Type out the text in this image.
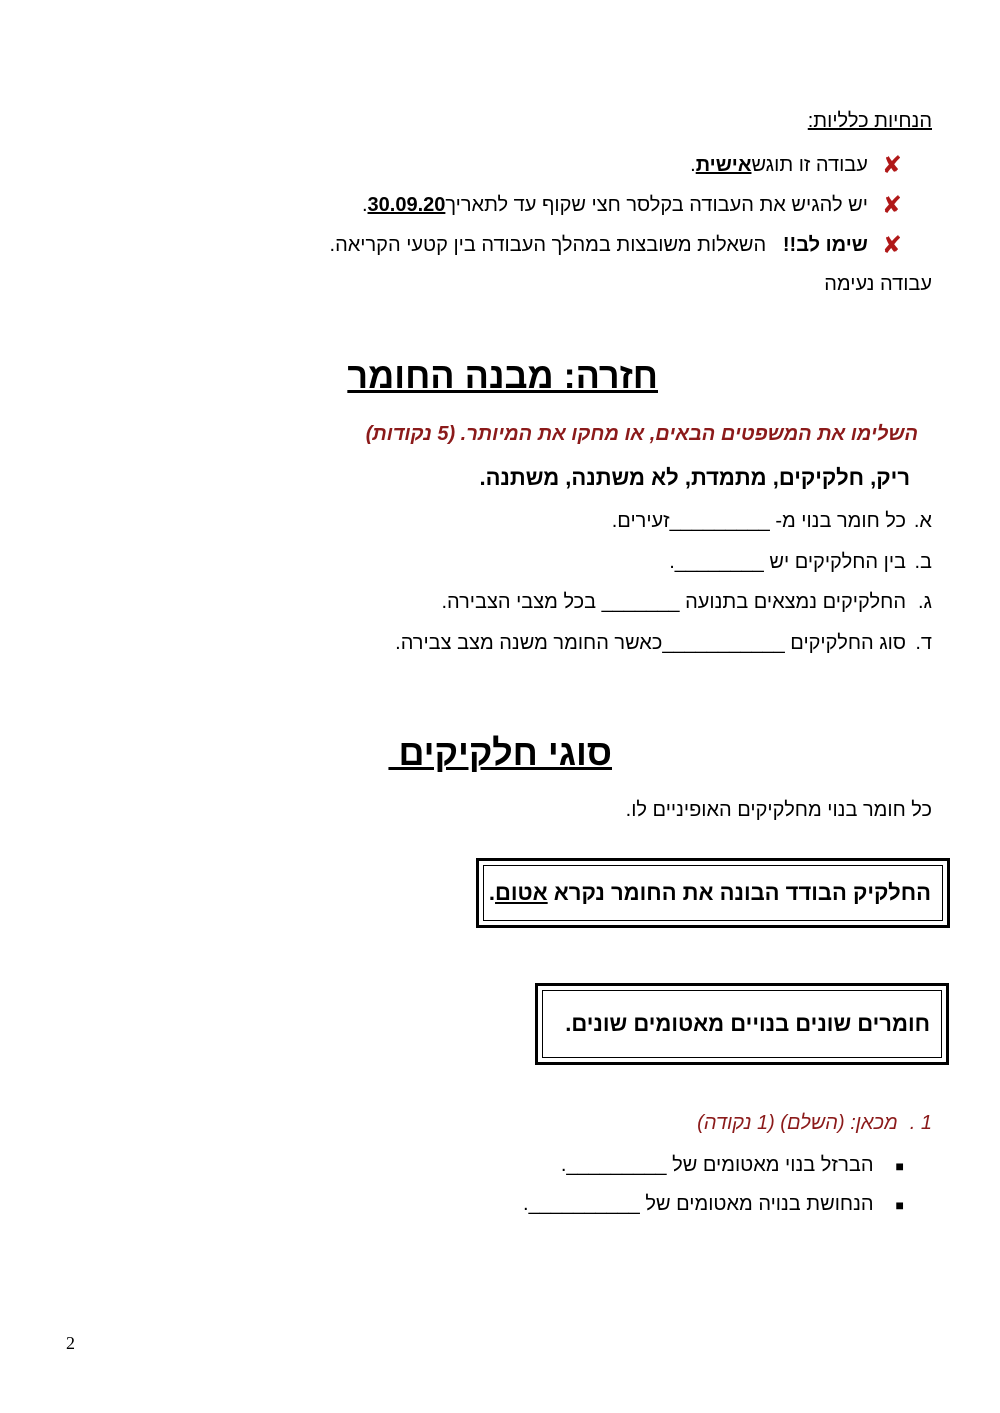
הנחיות כלליות:
✘
עבודה זו תוגש
אישית
.
✘
יש להגיש את העבודה בקלסר חצי שקוף עד לתאריך
30.09.20
.
✘
שימו לב!!
השאלות משובצות במהלך העבודה בין קטעי הקריאה.
עבודה נעימה
חזרה: מבנה החומר
השלימו את המשפטים הבאים, או מחקו את המיותר. (5 נקודות)
ריק, חלקיקים, מתמדת, לא משתנה, משתנה.
א.
כל חומר בנוי מ- _________זעירים.
ב.
בין החלקיקים יש ________.
ג.
החלקיקים נמצאים בתנועה _______ בכל מצבי הצבירה.
ד.
סוג החלקיקים ___________כאשר החומר משנה מצב צבירה.
סוגי חלקיקים
כל חומר בנוי מחלקיקים האופיניים לו.
החלקיק הבודד הבונה את החומר נקרא אטום.
חומרים שונים בנויים מאטומים שונים.
1 .
מכאן: (השלם) (1 נקודה)
■
הברזל בנוי מאטומים של _________.
■
הנחושת בנויה מאטומים של __________.
2
